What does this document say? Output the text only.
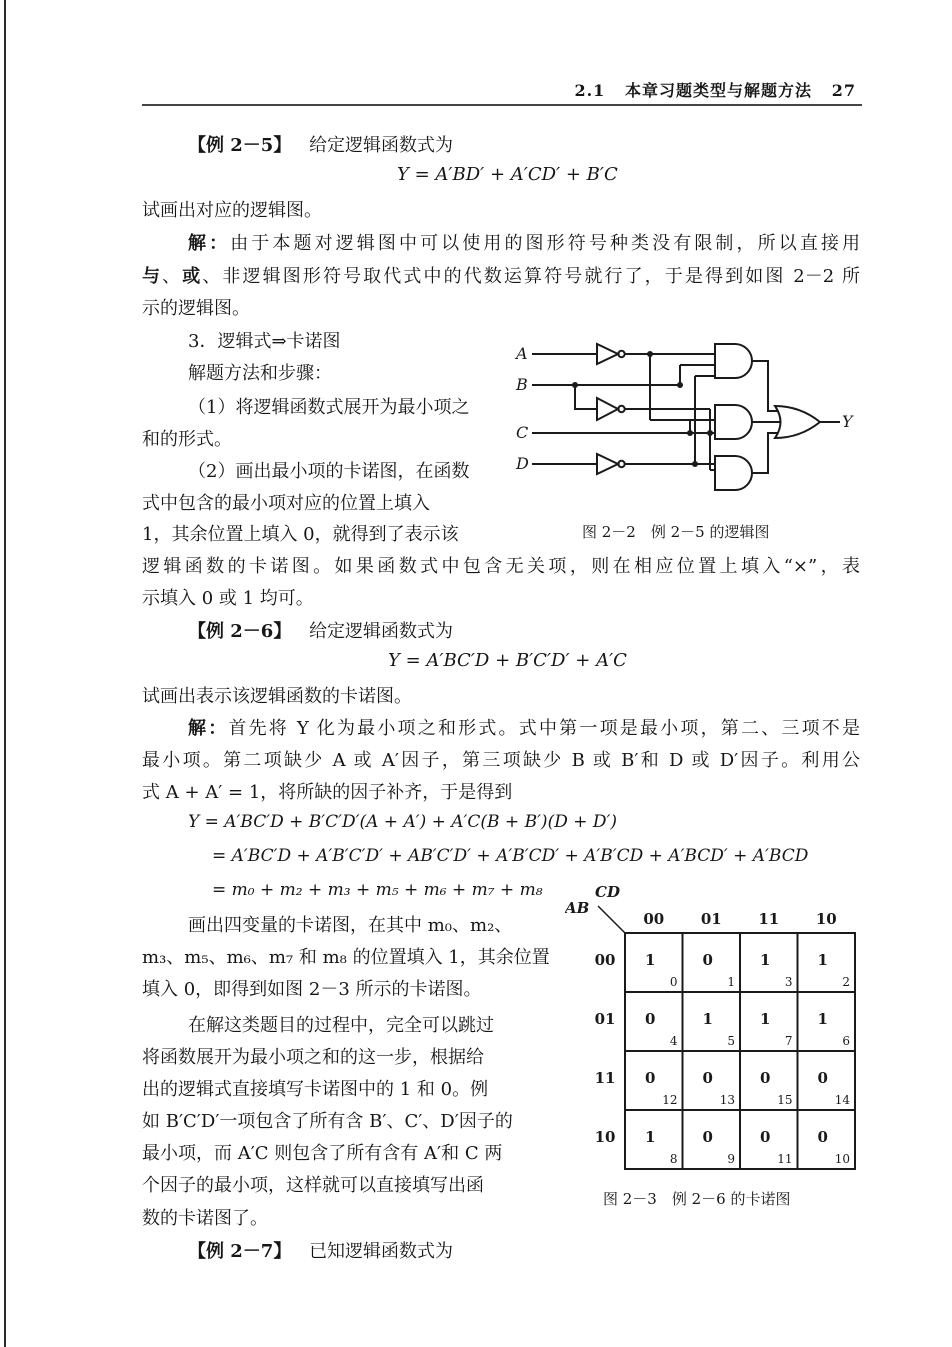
2.1 本章习题类型与解题方法 27
【例 2－5】 给定逻辑函数式为

Y = A′BD′ + A′CD′ + B′C

试画出对应的逻辑图。

解：由于本题对逻辑图中可以使用的图形符号种类没有限制，所以直接用

与、或、非逻辑图形符号取代式中的代数运算符号就行了，于是得到如图 2－2 所

示的逻辑图。

3．逻辑式⇒卡诺图

解题方法和步骤：

（1）将逻辑函数式展开为最小项之

和的形式。

（2）画出最小项的卡诺图，在函数

式中包含的最小项对应的位置上填入

1，其余位置上填入 0，就得到了表示该

逻辑函数的卡诺图。如果函数式中包含无关项，则在相应位置上填入“×”，表

示填入 0 或 1 均可。

A
B
C
D
Y
图 2－2　例 2－5 的逻辑图
【例 2－6】 给定逻辑函数式为

Y = A′BC′D + B′C′D′ + A′C

试画出表示该逻辑函数的卡诺图。

解：首先将 Y 化为最小项之和形式。式中第一项是最小项，第二、三项不是

最小项。第二项缺少 A 或 A′因子，第三项缺少 B 或 B′和 D 或 D′因子。利用公

式 A + A′ = 1，将所缺的因子补齐，于是得到

Y = A′BC′D + B′C′D′(A + A′) + A′C(B + B′)(D + D′)

= A′BC′D + A′B′C′D′ + AB′C′D′ + A′B′CD′ + A′B′CD + A′BCD′ + A′BCD

= m₀ + m₂ + m₃ + m₅ + m₆ + m₇ + m₈

画出四变量的卡诺图，在其中 m₀、m₂、

m₃、m₅、m₆、m₇ 和 m₈ 的位置填入 1，其余位置

填入 0，即得到如图 2－3 所示的卡诺图。

在解这类题目的过程中，完全可以跳过

将函数展开为最小项之和的这一步，根据给

出的逻辑式直接填写卡诺图中的 1 和 0。例

如 B′C′D′一项包含了所有含 B′、C′、D′因子的

最小项，而 A′C 则包含了所有含有 A′和 C 两

个因子的最小项，这样就可以直接填写出函

数的卡诺图了。

CD
AB
00 01 11 10
00
01
11
10
1
0
0
1
1
3
1
2
0
4
1
5
1
7
1
6
0
12
0
13
0
15
0
14
1
8
0
9
0
11
0
10
图 2－3　例 2－6 的卡诺图
【例 2－7】 已知逻辑函数式为
